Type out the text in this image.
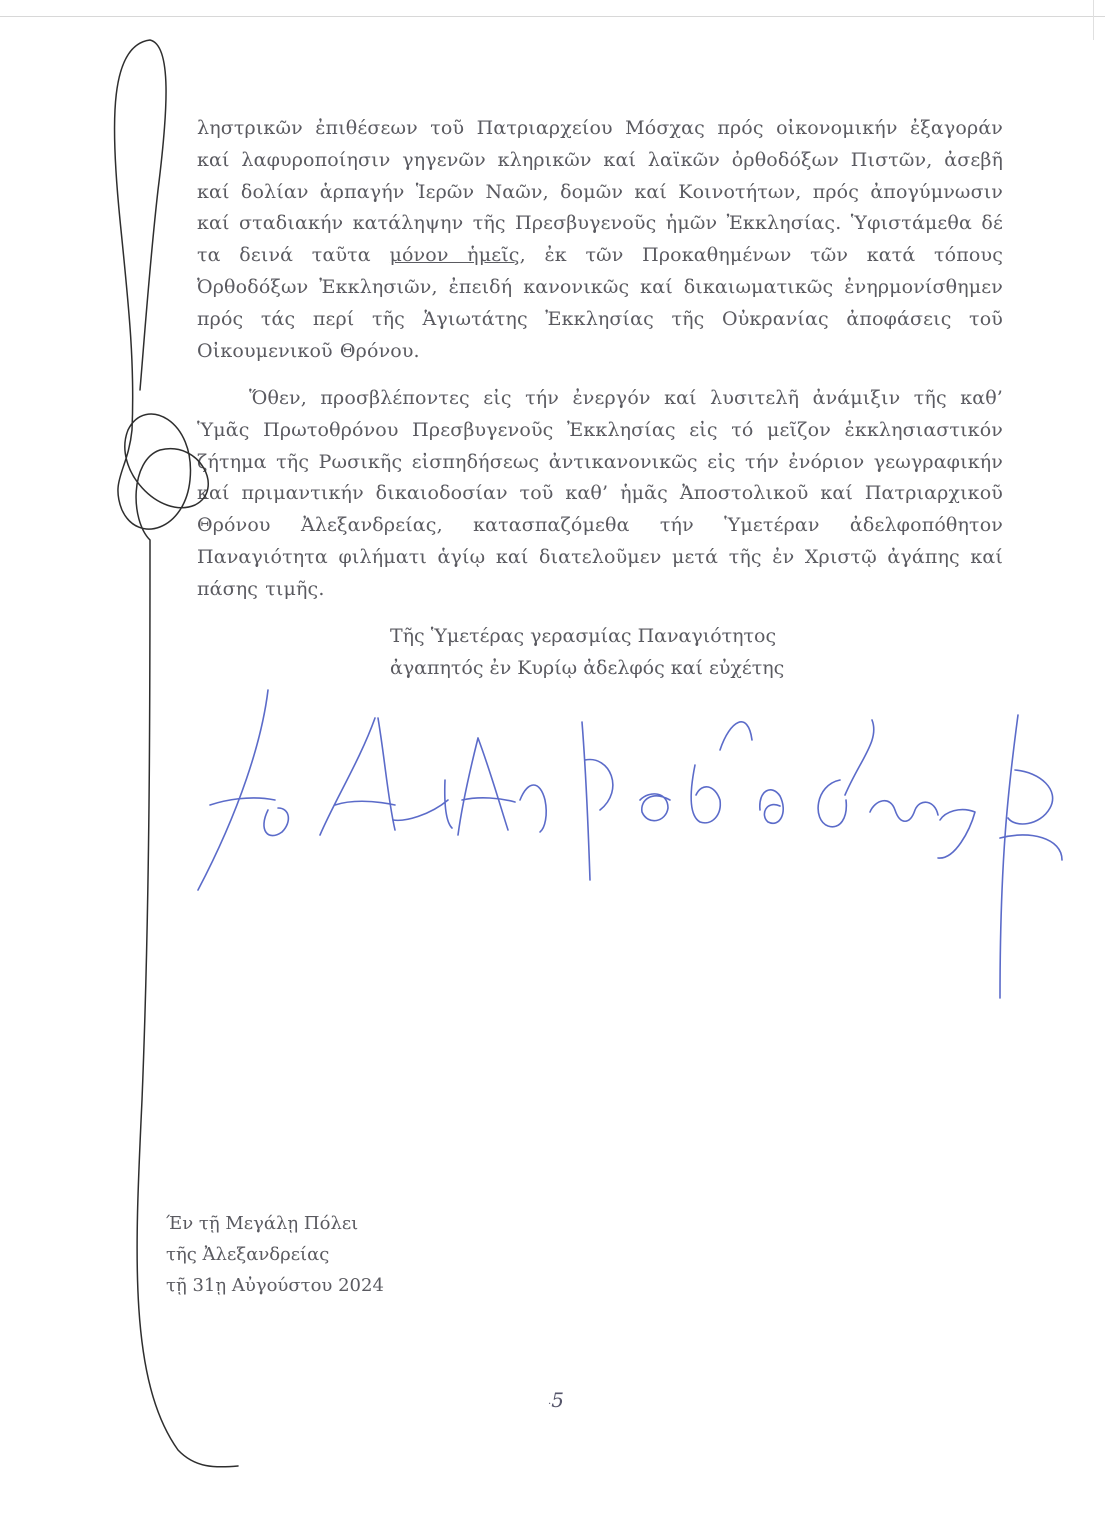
ληστρικῶν ἐπιθέσεων τοῦ Πατριαρχείου Μόσχας πρός οἰκονομικήν ἐξαγοράν
καί λαφυροποίησιν γηγενῶν κληρικῶν καί λαϊκῶν ὀρθοδόξων Πιστῶν, ἀσεβῆ
καί δολίαν ἁρπαγήν Ἱερῶν Ναῶν, δομῶν καί Κοινοτήτων, πρός ἀπογύμνωσιν
καί σταδιακήν κατάληψην τῆς Πρεσβυγενοῦς ἡμῶν Ἐκκλησίας. Ὑφιστάμεθα δέ
τα δεινά ταῦτα μόνον ἡμεῖς, ἐκ τῶν Προκαθημένων τῶν κατά τόπους
Ὀρθοδόξων Ἐκκλησιῶν, ἐπειδή κανονικῶς καί δικαιωματικῶς ἐνηρμονίσθημεν
πρός τάς περί τῆς Ἁγιωτάτης Ἐκκλησίας τῆς Οὐκρανίας ἀποφάσεις τοῦ
Οἰκουμενικοῦ Θρόνου.
Ὅθεν, προσβλέποντες εἰς τήν ἐνεργόν καί λυσιτελῆ ἀνάμιξιν τῆς καθ’
Ὑμᾶς Πρωτοθρόνου Πρεσβυγενοῦς Ἐκκλησίας εἰς τό μεῖζον ἐκκλησιαστικόν
ζήτημα τῆς Ρωσικῆς εἰσπηδήσεως ἀντικανονικῶς εἰς τήν ἐνόριον γεωγραφικήν
καί πριμαντικήν δικαιοδοσίαν τοῦ καθ’ ἡμᾶς Ἀποστολικοῦ καί Πατριαρχικοῦ
Θρόνου Ἀλεξανδρείας, κατασπαζόμεθα τήν Ὑμετέραν ἀδελφοπόθητον
Παναγιότητα φιλήματι ἁγίῳ καί διατελοῦμεν μετά τῆς ἐν Χριστῷ ἀγάπης καί
πάσης τιμῆς.
Τῆς Ὑμετέρας γερασμίας Παναγιότητος
ἀγαπητός ἐν Κυρίῳ ἀδελφός καί εὐχέτης
Έν τῇ Μεγάλῃ Πόλει
τῆς Ἀλεξανδρείας
τῇ 31ῃ Αὐγούστου 2024
.5
